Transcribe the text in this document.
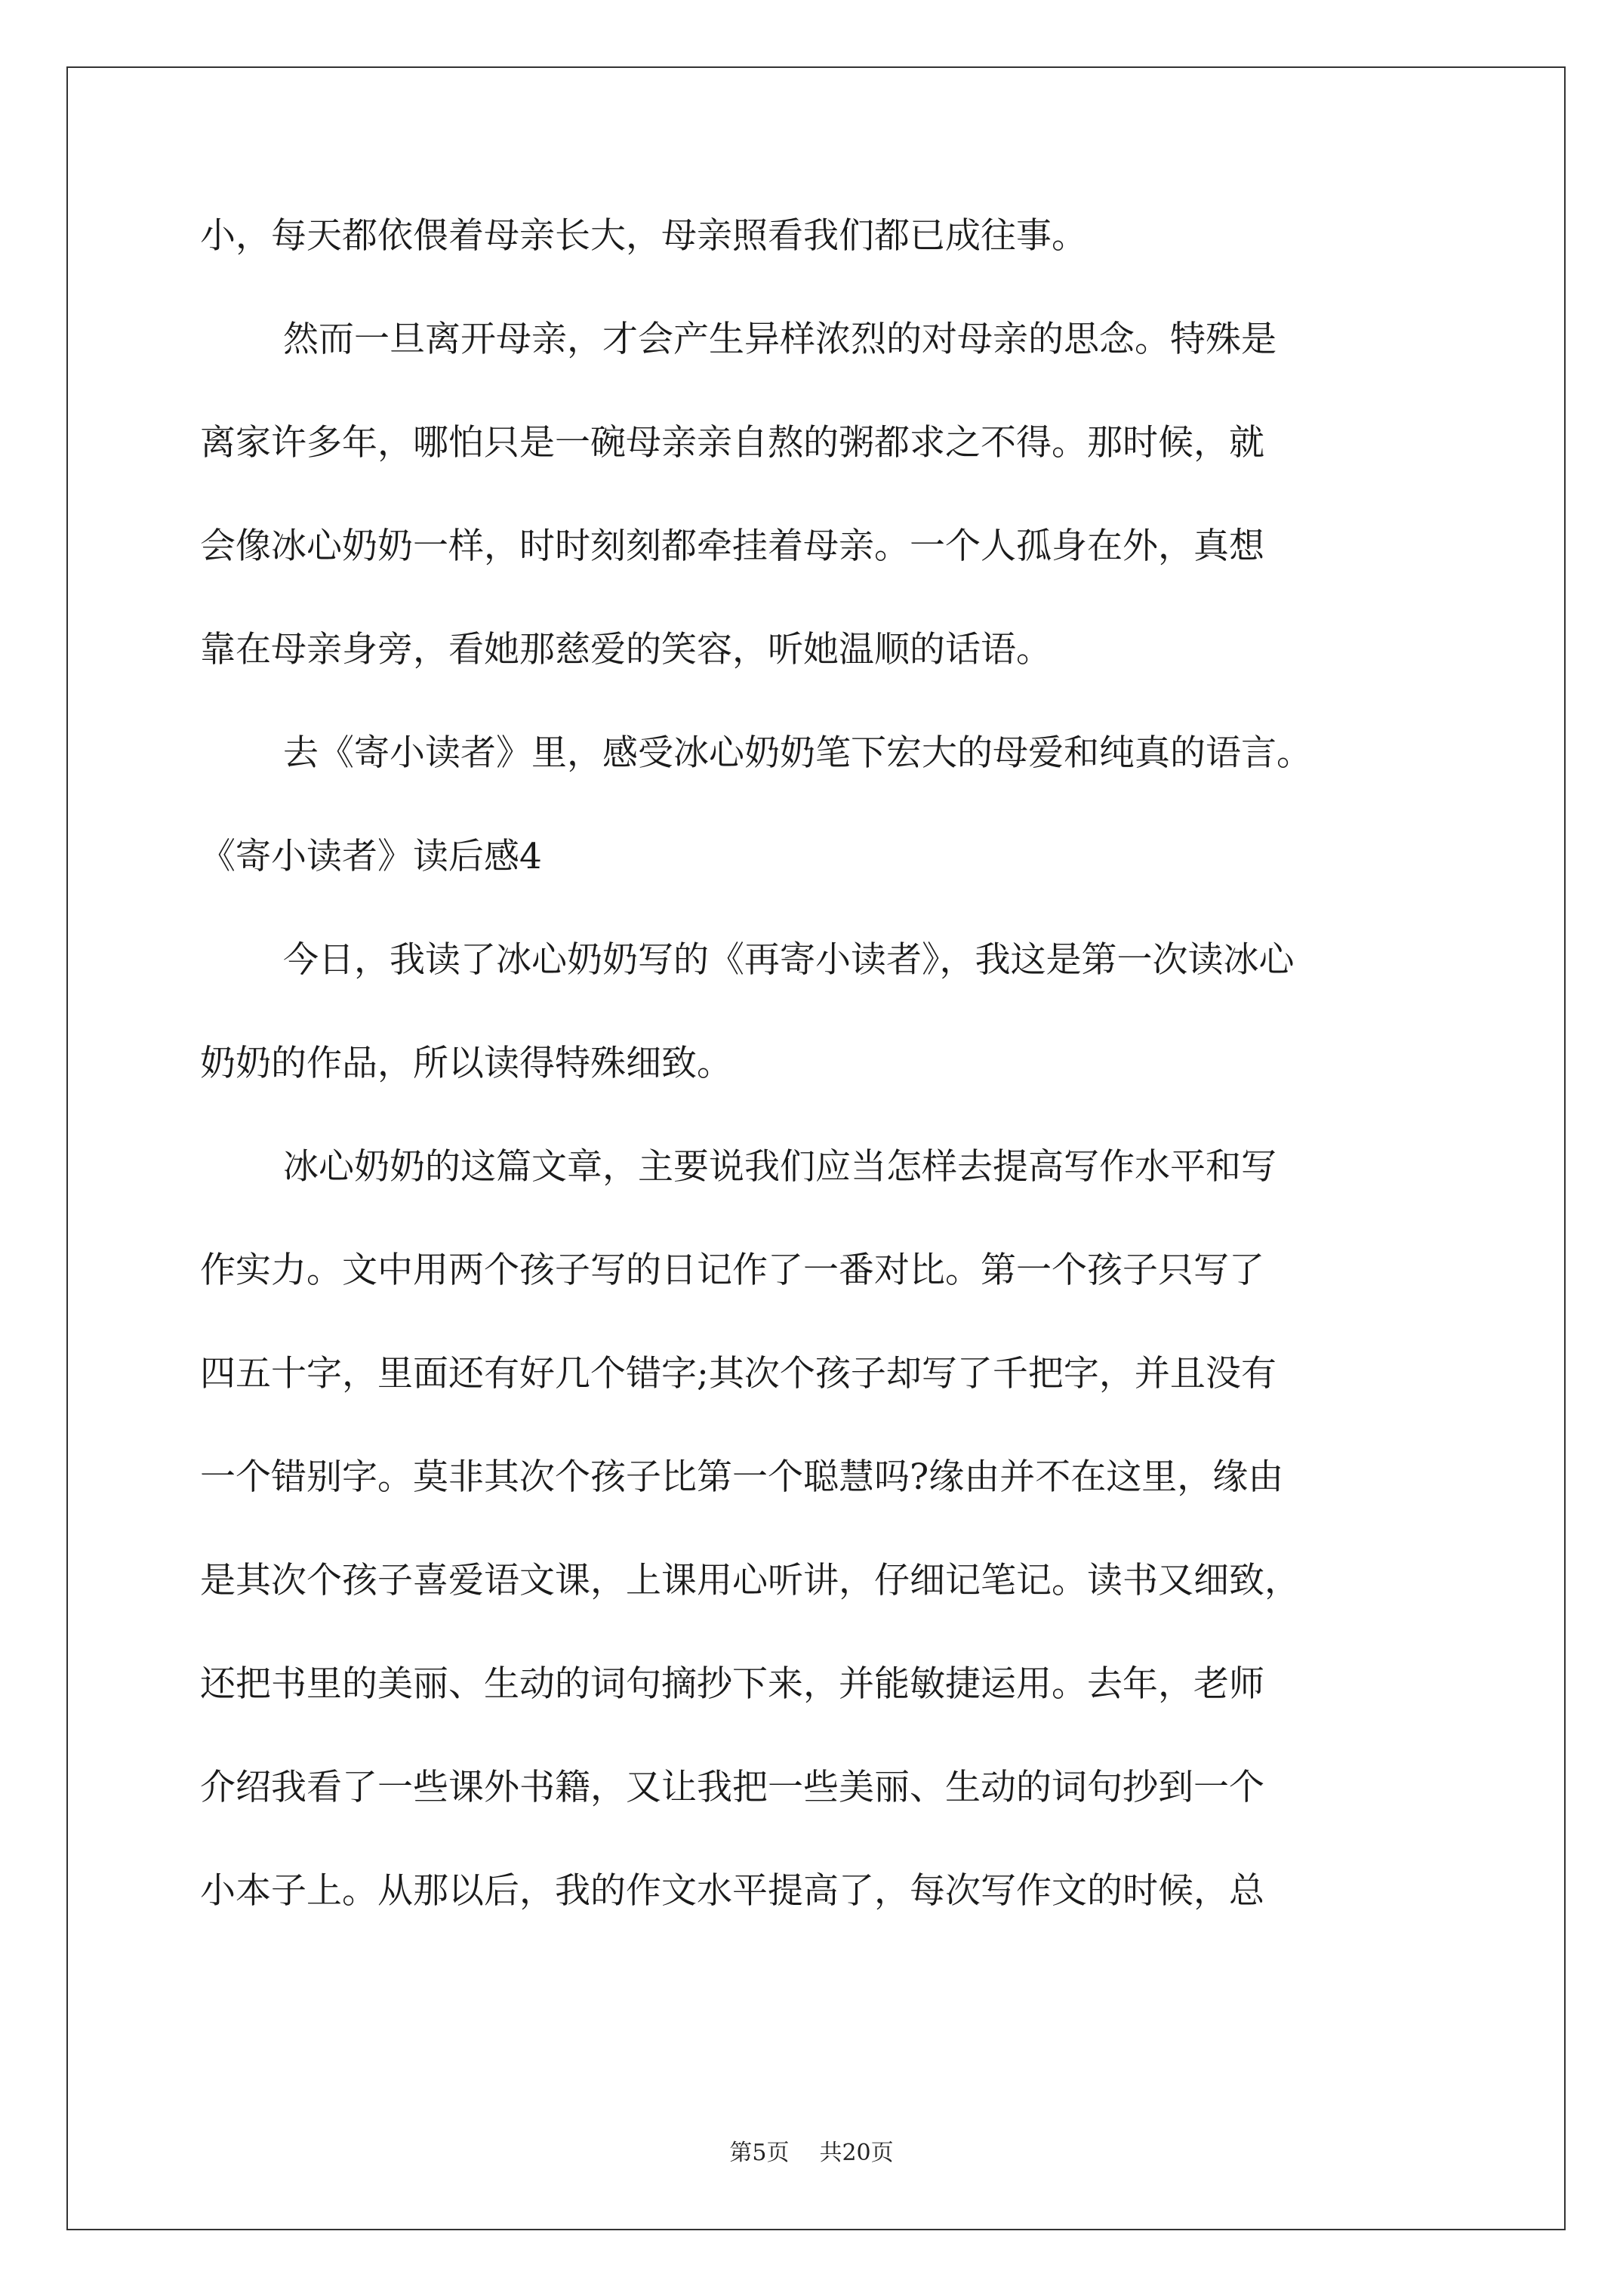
小，每天都依偎着母亲长大，母亲照看我们都已成往事。
然而一旦离开母亲，才会产生异样浓烈的对母亲的思念。特殊是
离家许多年，哪怕只是一碗母亲亲自熬的粥都求之不得。那时候，就
会像冰心奶奶一样，时时刻刻都牵挂着母亲。一个人孤身在外，真想
靠在母亲身旁，看她那慈爱的笑容，听她温顺的话语。
去《寄小读者》里，感受冰心奶奶笔下宏大的母爱和纯真的语言。
《寄小读者》读后感4
今日，我读了冰心奶奶写的《再寄小读者》，我这是第一次读冰心
奶奶的作品，所以读得特殊细致。
冰心奶奶的这篇文章，主要说我们应当怎样去提高写作水平和写
作实力。文中用两个孩子写的日记作了一番对比。第一个孩子只写了
四五十字，里面还有好几个错字;其次个孩子却写了千把字，并且没有
一个错别字。莫非其次个孩子比第一个聪慧吗?缘由并不在这里，缘由
是其次个孩子喜爱语文课，上课用心听讲，仔细记笔记。读书又细致，
还把书里的美丽、生动的词句摘抄下来，并能敏捷运用。去年，老师
介绍我看了一些课外书籍，又让我把一些美丽、生动的词句抄到一个
小本子上。从那以后，我的作文水平提高了，每次写作文的时候，总
第5页 共20页
